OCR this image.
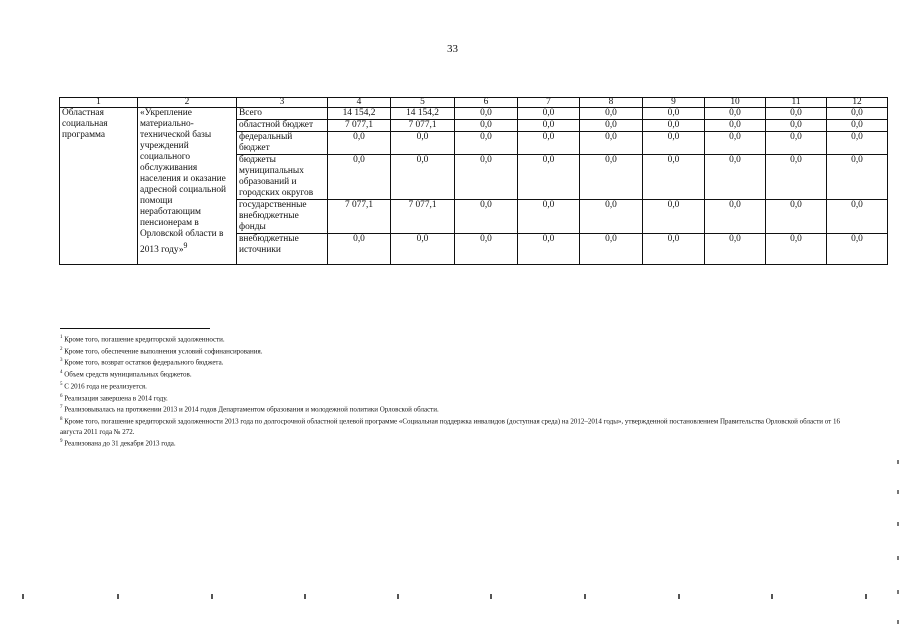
33
1	2	3	4	5	6	7	8	9	10	11	12
Областная социальная программа	«Укрепление материально-технической базы учреждений социального обслуживания населения и оказание адресной социальной помощи неработающим пенсионерам в Орловской области в 2013 году»$^9$	Всего	14 154,2	14 154,2	0,0	0,0	0,0	0,0	0,0	0,0	0,0
		областной бюджет	7 077,1	7 077,1	0,0	0,0	0,0	0,0	0,0	0,0	0,0
		федеральный бюджет	0,0	0,0	0,0	0,0	0,0	0,0	0,0	0,0	0,0
		бюджеты муниципальных образований и городских округов	0,0	0,0	0,0	0,0	0,0	0,0	0,0	0,0	0,0
		государственные внебюджетные фонды	7 077,1	7 077,1	0,0	0,0	0,0	0,0	0,0	0,0	0,0
		внебюджетные источники	0,0	0,0	0,0	0,0	0,0	0,0	0,0	0,0	0,0

$^1$ Кроме того, погашение кредиторской задолженности.

$^2$ Кроме того, обеспечение выполнения условий софинансирования.

$^3$ Кроме того, возврат остатков федерального бюджета.

$^4$ Объем средств муниципальных бюджетов.

$^5$ С 2016 года не реализуется.

$^6$ Реализация завершена в 2014 году.

$^7$ Реализовывалась на протяжении 2013 и 2014 годов Департаментом образования и молодежной политики Орловской области.

$^8$ Кроме того, погашение кредиторской задолженности 2013 года по долгосрочной областной целевой программе «Социальная поддержка инвалидов (доступная среда) на 2012–2014 годы», утвержденной постановлением Правительства Орловской области от 16 августа 2011 года № 272.

$^9$ Реализована до 31 декабря 2013 года.
